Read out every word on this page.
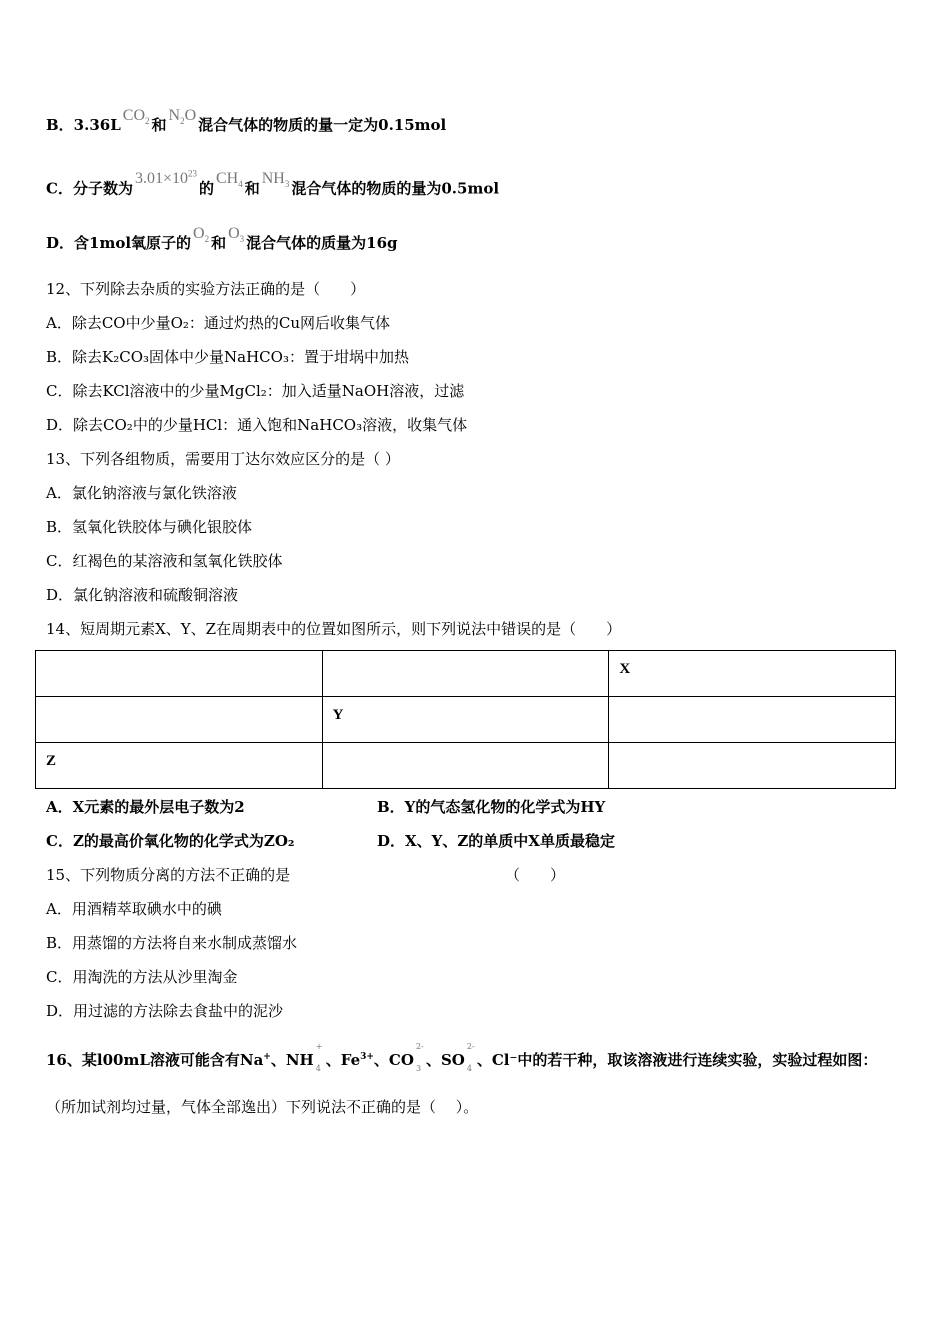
B．$3.36LCO_2$ 和$N_2O$混合气体的物质的量一定为0.15mol
C．分子数为$3.01\times 10^{23}$的$CH_4$ 和$NH_3$ 混合气体的物质的量为0.5mol
D．含1mol氧原子的$O_2$ 和$O_3$ 混合气体的质量为16g
12、下列除去杂质的实验方法正确的是（　　）
A．除去CO中少量O₂：通过灼热的Cu网后收集气体
B．除去K₂CO₃固体中少量NaHCO₃：置于坩埚中加热
C．除去KCl溶液中的少量MgCl₂：加入适量NaOH溶液，过滤
D．除去CO₂中的少量HCl：通入饱和NaHCO₃溶液，收集气体
13、下列各组物质，需要用丁达尔效应区分的是（ ）
A．氯化钠溶液与氯化铁溶液
B．氢氧化铁胶体与碘化银胶体
C．红褐色的某溶液和氢氧化铁胶体
D．氯化钠溶液和硫酸铜溶液
14、短周期元素X、Y、Z在周期表中的位置如图所示，则下列说法中错误的是（　　）
		X
	Y	
Z		
A．X元素的最外层电子数为2	B．Y的气态氢化物的化学式为HY
C．Z的最高价氧化物的化学式为ZO₂	D．X、Y、Z的单质中X单质最稳定
15、下列物质分离的方法不正确的是	（　　）
A．用酒精萃取碘水中的碘
B．用蒸馏的方法将自来水制成蒸馏水
C．用淘洗的方法从沙里淘金
D．用过滤的方法除去食盐中的泥沙
16、某l00mL溶液可能含有Na+、NH
+
4 、$Fe^{3+}$、CO
2-
3 、SO
2-
4 、Cl⁻中的若干种，取该溶液进行连续实验，实验过程如图：
（所加试剂均过量，气体全部逸出）下列说法不正确的是（　 ）。
